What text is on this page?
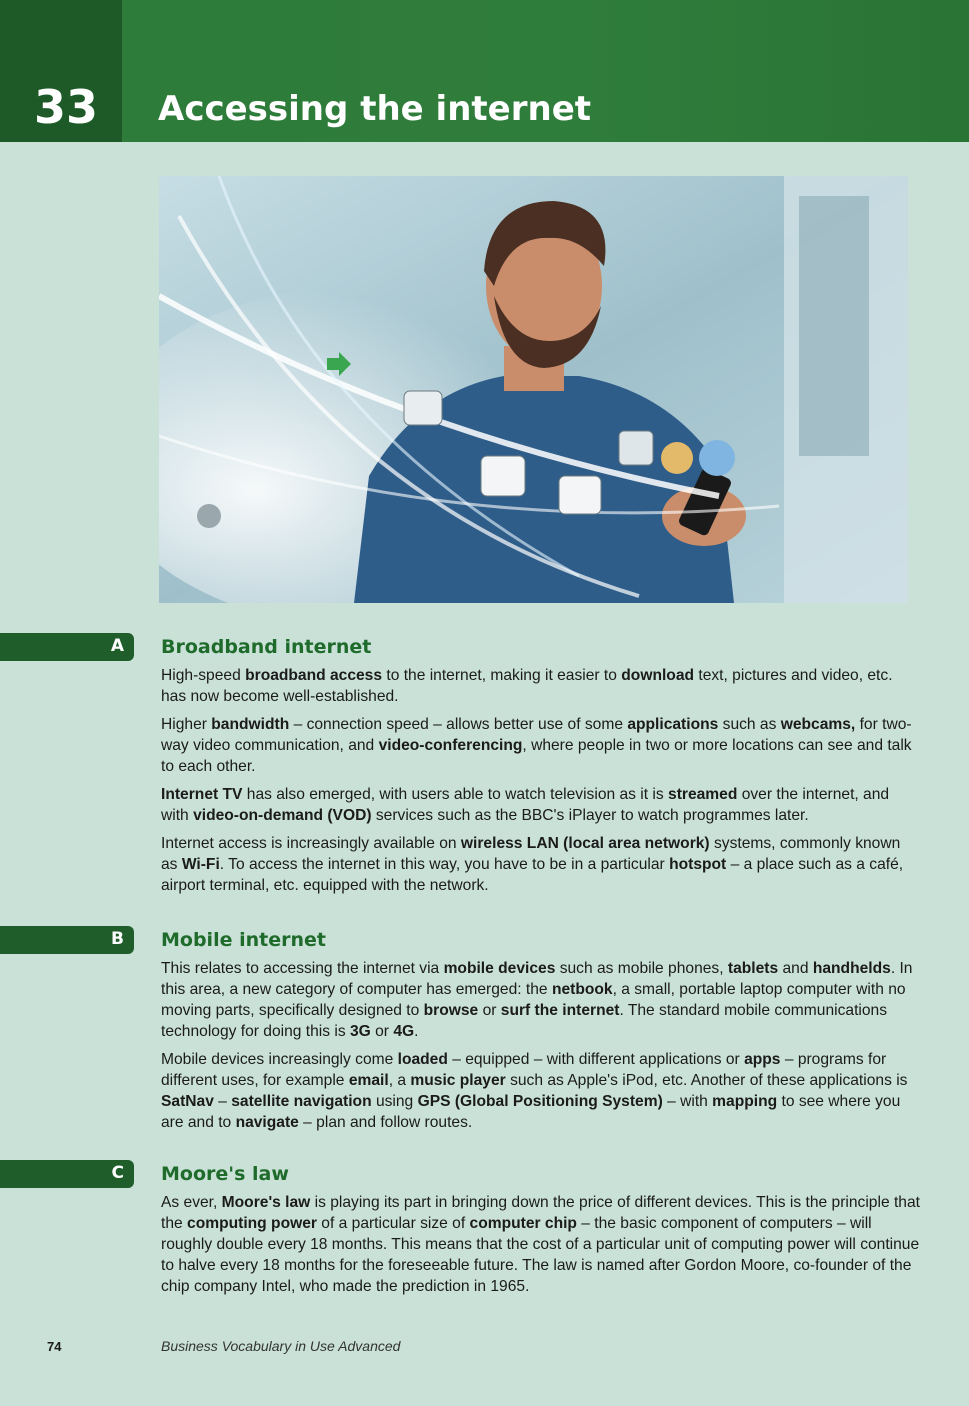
33 Accessing the internet
A Broadband internet

High-speed broadband access to the internet, making it easier to download text, pictures and video, etc. has now become well-established.

Higher bandwidth – connection speed – allows better use of some applications such as webcams, for two-way video communication, and video-conferencing, where people in two or more locations can see and talk to each other.

Internet TV has also emerged, with users able to watch television as it is streamed over the internet, and with video-on-demand (VOD) services such as the BBC's iPlayer to watch programmes later.

Internet access is increasingly available on wireless LAN (local area network) systems, commonly known as Wi-Fi. To access the internet in this way, you have to be in a particular hotspot – a place such as a café, airport terminal, etc. equipped with the network.

B Mobile internet

This relates to accessing the internet via mobile devices such as mobile phones, tablets and handhelds. In this area, a new category of computer has emerged: the netbook, a small, portable laptop computer with no moving parts, specifically designed to browse or surf the internet. The standard mobile communications technology for doing this is 3G or 4G.

Mobile devices increasingly come loaded – equipped – with different applications or apps – programs for different uses, for example email, a music player such as Apple's iPod, etc. Another of these applications is SatNav – satellite navigation using GPS (Global Positioning System) – with mapping to see where you are and to navigate – plan and follow routes.

C Moore's law

As ever, Moore's law is playing its part in bringing down the price of different devices. This is the principle that the computing power of a particular size of computer chip – the basic component of computers – will roughly double every 18 months. This means that the cost of a particular unit of computing power will continue to halve every 18 months for the foreseeable future. The law is named after Gordon Moore, co-founder of the chip company Intel, who made the prediction in 1965.

74	Business Vocabulary in Use Advanced
